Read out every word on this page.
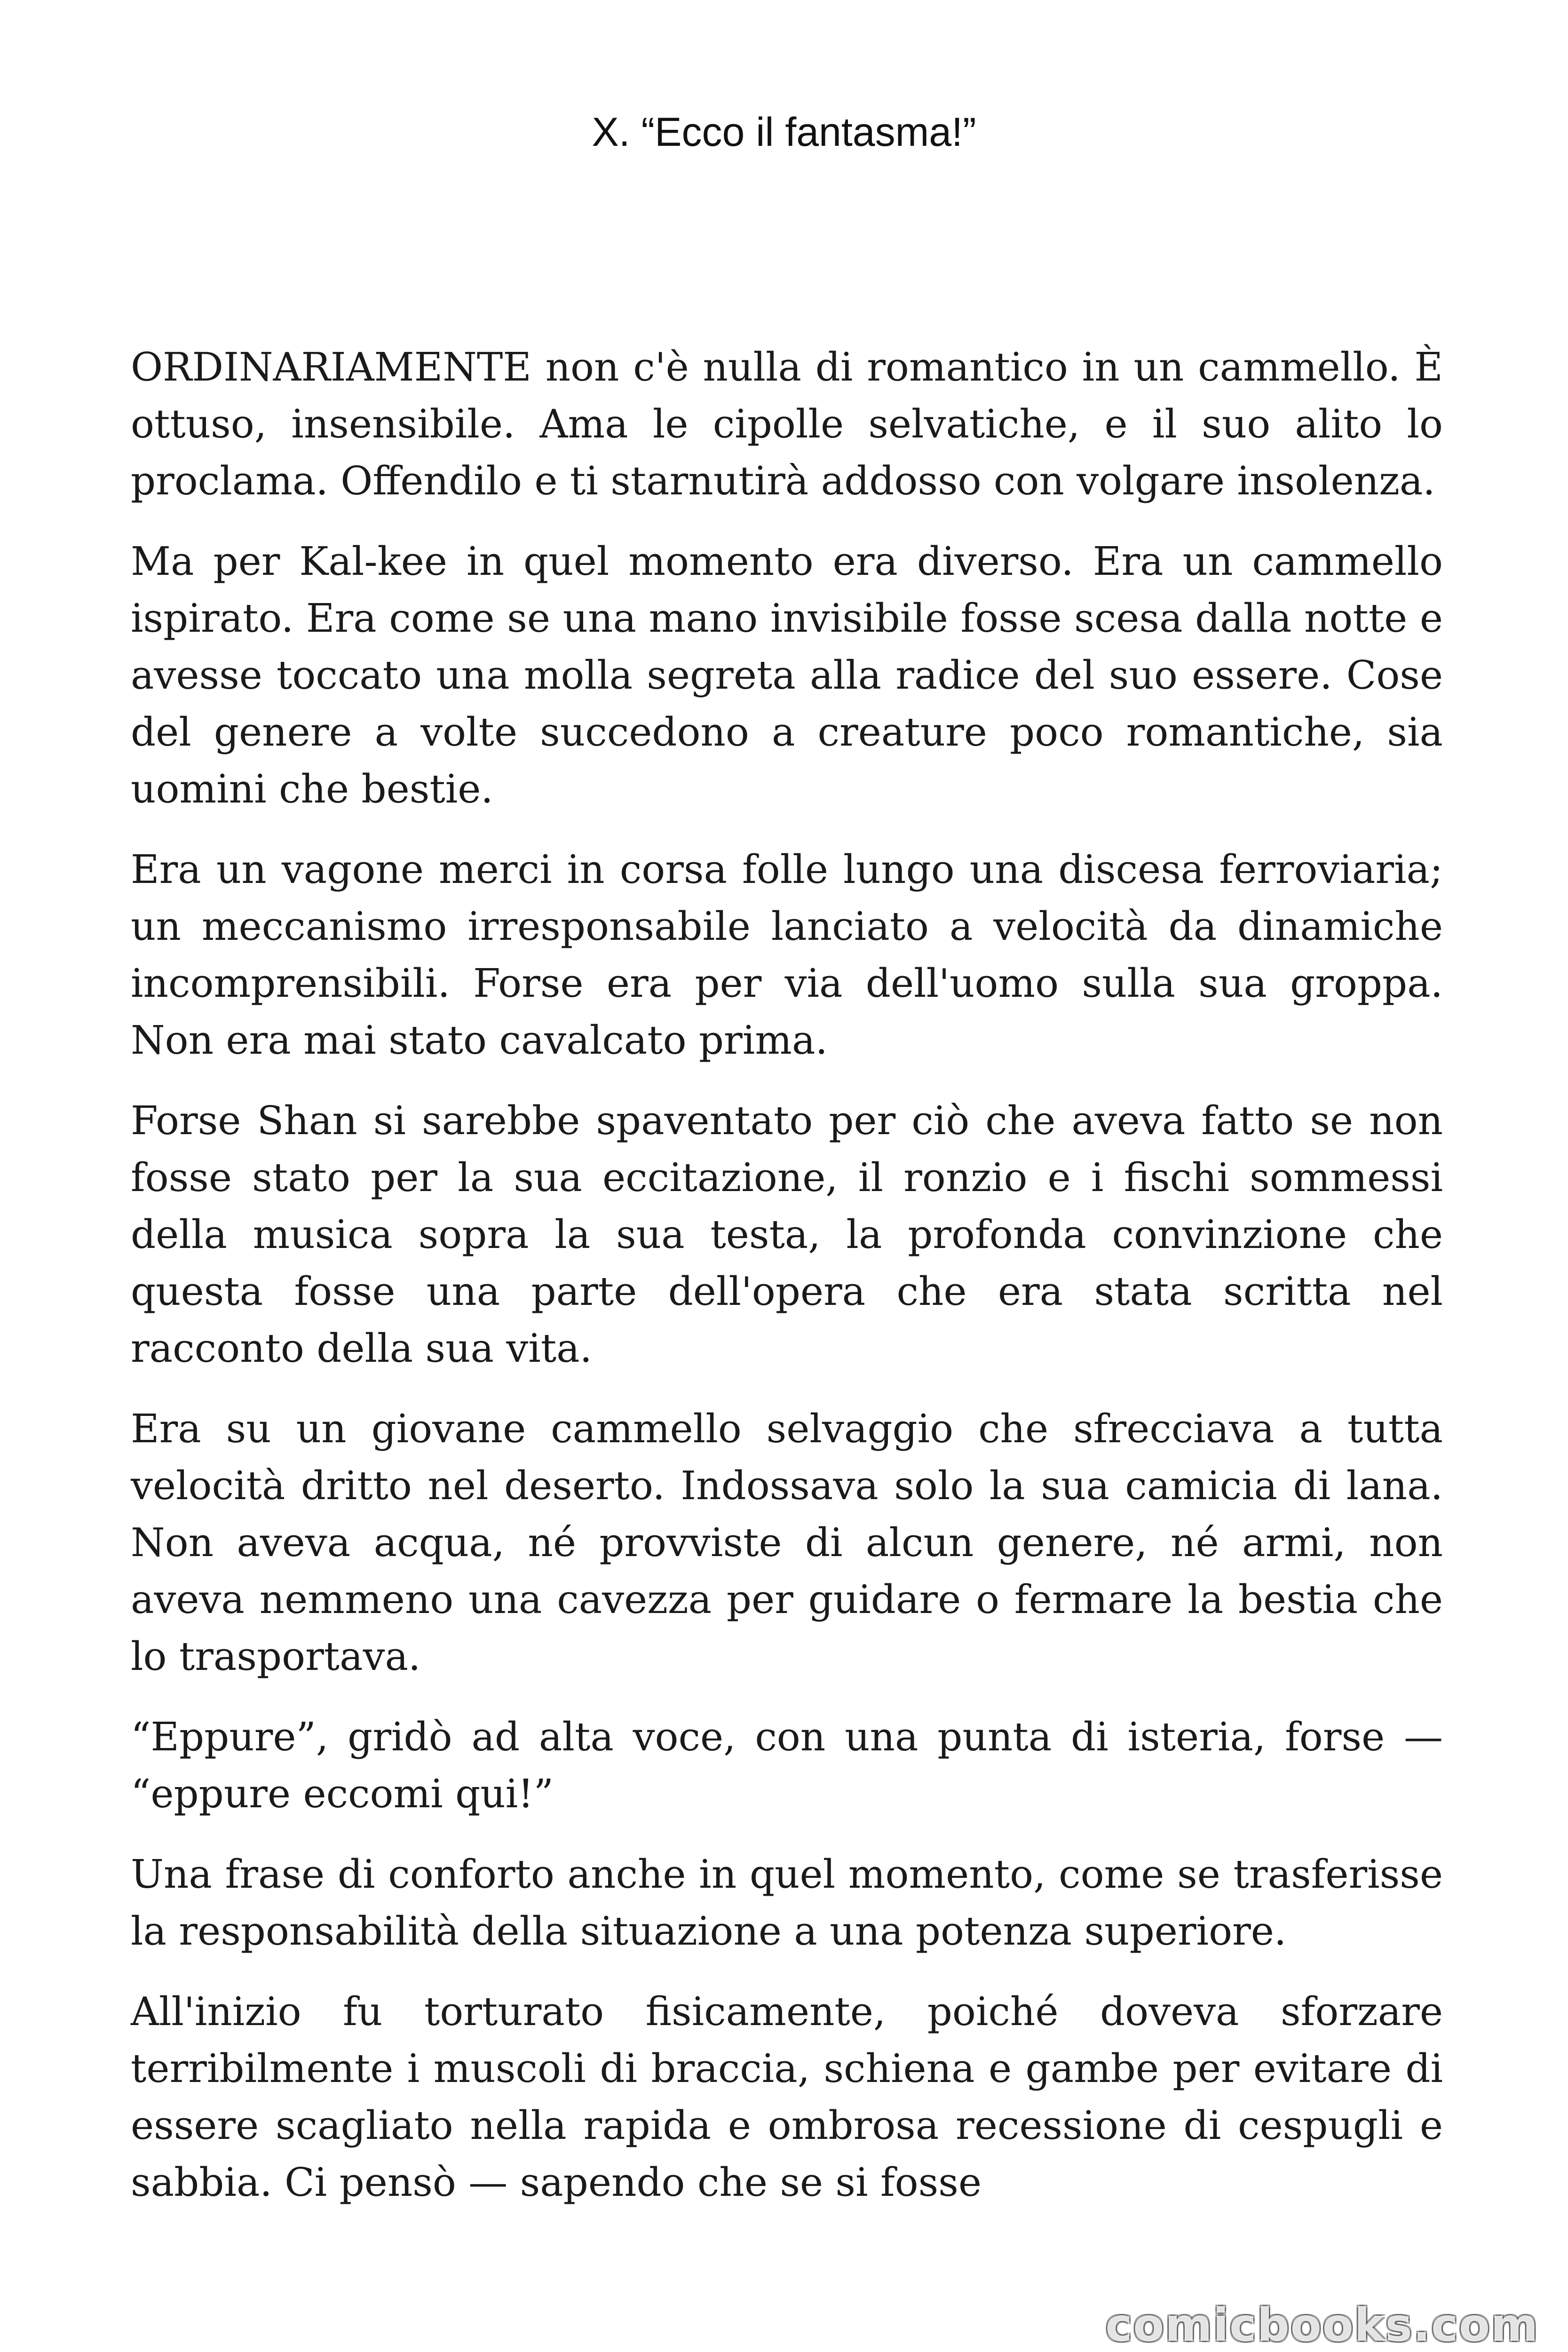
X. “Ecco il fantasma!”

ORDINARIAMENTE non c'è nulla di romantico in un cammello. È ottuso, insensibile. Ama le cipolle selvatiche, e il suo alito lo proclama. Offendilo e ti starnutirà addosso con volgare insolenza.

Ma per Kal-kee in quel momento era diverso. Era un cammello ispirato. Era come se una mano invisibile fosse scesa dalla notte e avesse toccato una molla segreta alla radice del suo essere. Cose del genere a volte succedono a creature poco romantiche, sia uomini che bestie.

Era un vagone merci in corsa folle lungo una discesa ferroviaria; un meccanismo irresponsabile lanciato a velocità da dinamiche incomprensibili. Forse era per via dell'uomo sulla sua groppa. Non era mai stato cavalcato prima.

Forse Shan si sarebbe spaventato per ciò che aveva fatto se non fosse stato per la sua eccitazione, il ronzio e i fischi sommessi della musica sopra la sua testa, la profonda convinzione che questa fosse una parte dell'opera che era stata scritta nel racconto della sua vita.

Era su un giovane cammello selvaggio che sfrecciava a tutta velocità dritto nel deserto. Indossava solo la sua camicia di lana. Non aveva acqua, né provviste di alcun genere, né armi, non aveva nemmeno una cavezza per guidare o fermare la bestia che lo trasportava.

“Eppure”, gridò ad alta voce, con una punta di isteria, forse — “eppure eccomi qui!”

Una frase di conforto anche in quel momento, come se trasferisse la responsabilità della situazione a una potenza superiore.

All'inizio fu torturato fisicamente, poiché doveva sforzare terribilmente i muscoli di braccia, schiena e gambe per evitare di essere scagliato nella rapida e ombrosa recessione di cespugli e sabbia. Ci pensò — sapendo che se si fosse

comicbooks.com
